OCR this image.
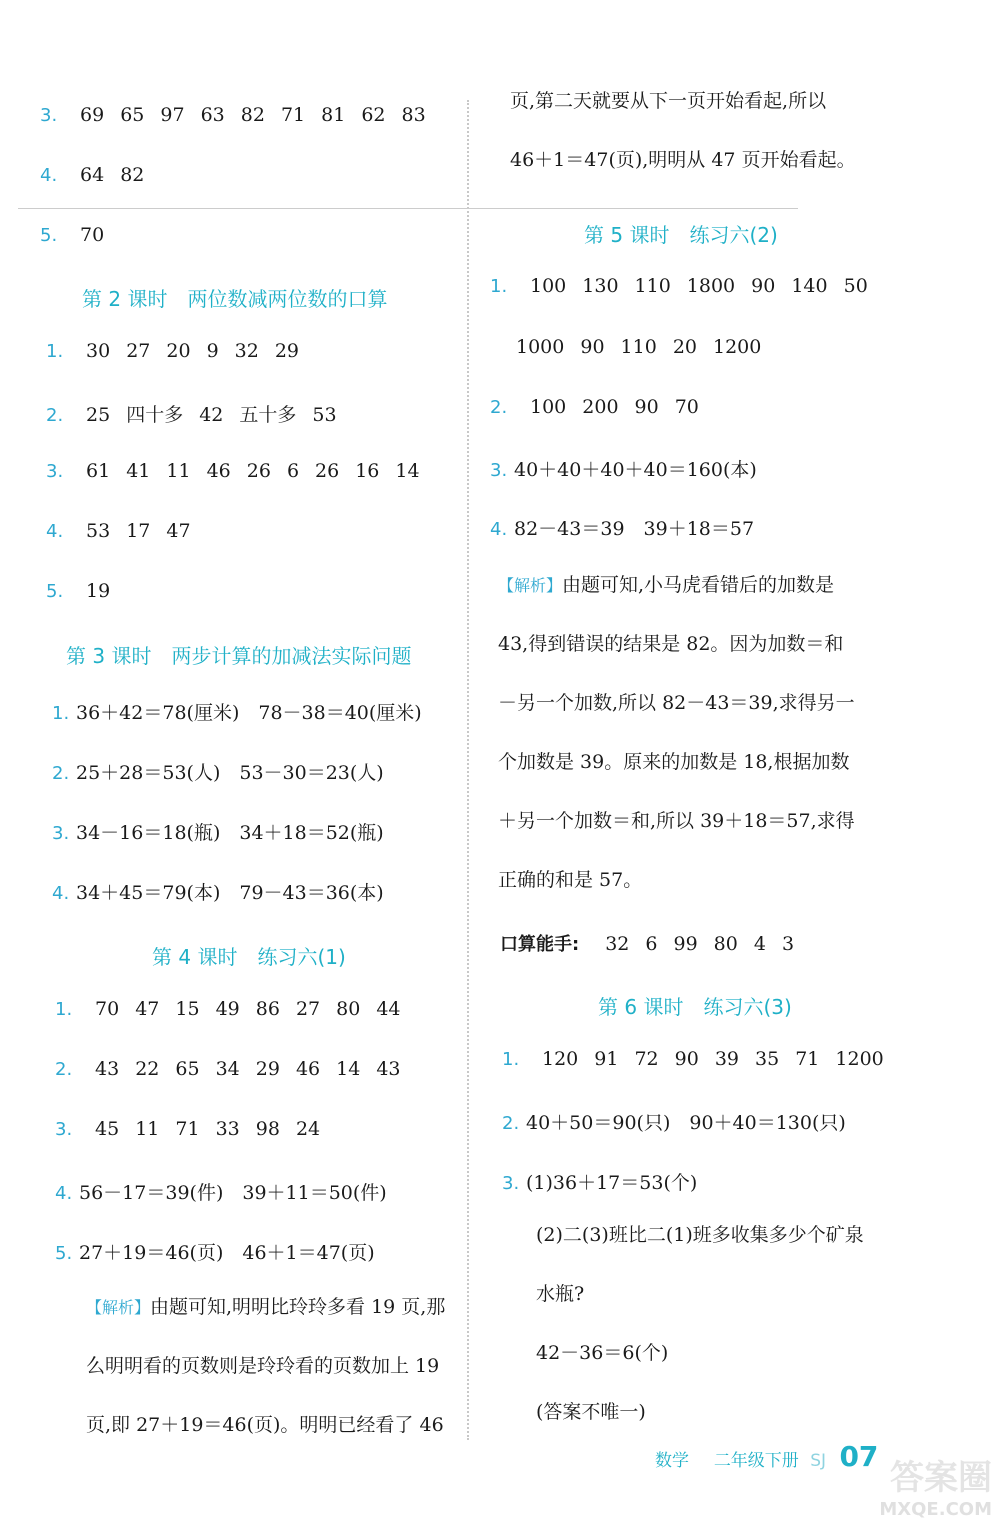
3. 69 65 97 63 82 71 81 62 83
4. 64 82
5. 70
第 2 课时 两位数减两位数的口算
1. 30 27 20 9 32 29
2. 25 四十多 42 五十多 53
3. 61 41 11 46 26 6 26 16 14
4. 53 17 47
5. 19
第 3 课时 两步计算的加减法实际问题
1. 36＋42＝78(厘米)　78－38＝40(厘米)
2. 25＋28＝53(人)　53－30＝23(人)
3. 34－16＝18(瓶)　34＋18＝52(瓶)
4. 34＋45＝79(本)　79－43＝36(本)
第 4 课时 练习六(1)
1. 70 47 15 49 86 27 80 44
2. 43 22 65 34 29 46 14 43
3. 45 11 71 33 98 24
4. 56－17＝39(件)　39＋11＝50(件)
5. 27＋19＝46(页)　46＋1＝47(页)
【解析】由题可知,明明比玲玲多看 19 页,那
么明明看的页数则是玲玲看的页数加上 19
页,即 27＋19＝46(页)。明明已经看了 46
页,第二天就要从下一页开始看起,所以
46＋1＝47(页),明明从 47 页开始看起。
第 5 课时 练习六(2)
1. 100 130 110 1800 90 140 50
1000 90 110 20 1200
2. 100 200 90 70
3. 40＋40＋40＋40＝160(本)
4. 82－43＝39　39＋18＝57
【解析】由题可知,小马虎看错后的加数是
43,得到错误的结果是 82。因为加数＝和
－另一个加数,所以 82－43＝39,求得另一
个加数是 39。原来的加数是 18,根据加数
＋另一个加数＝和,所以 39＋18＝57,求得
正确的和是 57。
口算能手: 32 6 99 80 4 3
第 6 课时 练习六(3)
1. 120 91 72 90 39 35 71 1200
2. 40＋50＝90(只)　90＋40＝130(只)
3. (1)36＋17＝53(个)
(2)二(3)班比二(1)班多收集多少个矿泉
水瓶?
42－36＝6(个)
(答案不唯一)
数学 二年级下册 SJ 07
答案圈
MXQE.COM
